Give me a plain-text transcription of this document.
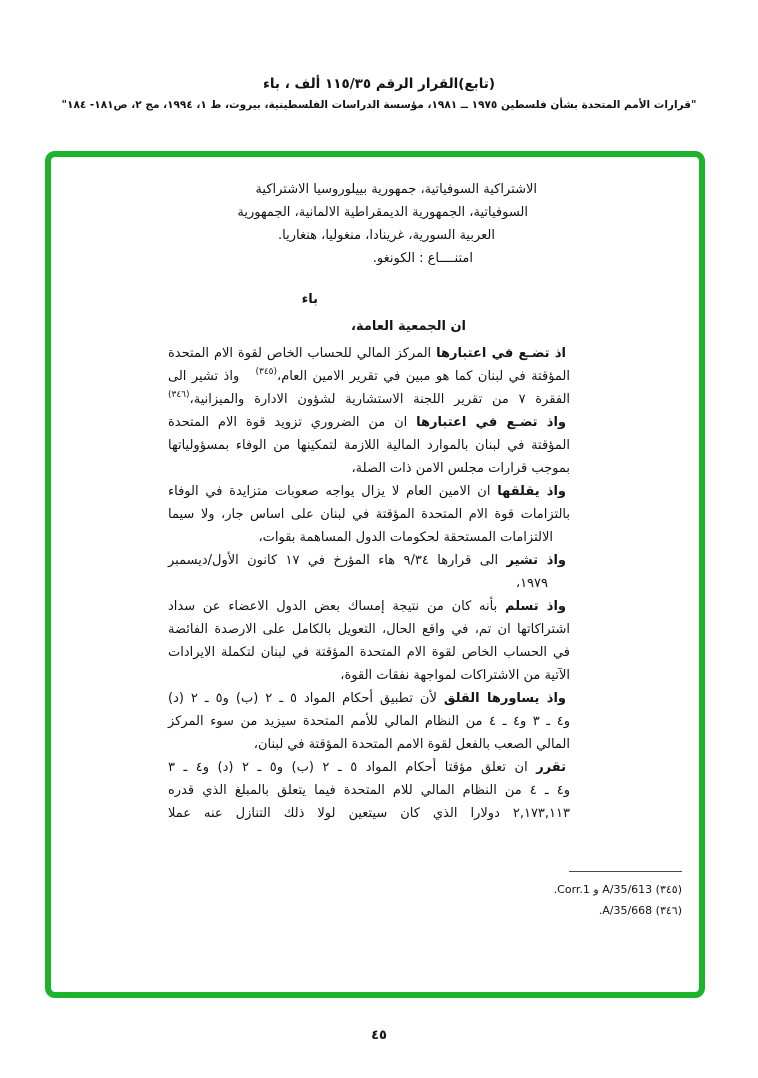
(تابع)القرار الرقم ١١٥/٣٥ ألف ، باء
"قرارات الأمم المتحدة بشأن فلسطين ١٩٧٥ ــ ١٩٨١، مؤسسة الدراسات الفلسطينية، بيروت، ط ١، ١٩٩٤، مج ٢، ص١٨١- ١٨٤"
الاشتراكية السوفياتية، جمهورية بييلوروسيا الاشتراكية
السوفياتية، الجمهورية الديمقراطية الالمانية، الجمهورية
العربية السورية، غرينادا، منغوليا، هنغاريا.
امتنــــاع : الكونغو.
باء
ان الجمعية العامة،
اذ تضـع في اعتبارها المركز المالي للحساب الخاص لقوة الام المتحدة
المؤقتة في لبنان كما هو مبين في تقرير الامين العام،$^{(٣٤٥)}$   واذ تشير الى
الفقرة ٧ من تقرير اللجنة الاستشارية لشؤون الادارة والميزانية،$^{(٣٤٦)}$
واذ تضـع في اعتبارها ان من الضروري تزويد قوة الام المتحدة
المؤقتة في لبنان بالموارد المالية اللازمة لتمكينها من الوفاء بمسؤولياتها
بموجب قرارات مجلس الامن ذات الصلة،
واذ يقلقها ان الامين العام لا يزال يواجه صعوبات متزايدة في الوفاء
بالتزامات قوة الام المتحدة المؤقتة في لبنان على اساس جار، ولا سيما
الالتزامات المستحقة لحكومات الدول المساهمة بقوات،
واذ تشير الى قرارها ٩/٣٤ هاء المؤرخ في ١٧ كانون الأول/ديسمبر
١٩٧٩،
واذ تسلم بأنه كان من نتيجة إمساك بعض الدول الاعضاء عن سداد
اشتراكاتها ان تم، في واقع الحال، التعويل بالكامل على الارصدة الفائضة
في الحساب الخاص لقوة الام المتحدة المؤقتة في لبنان لتكملة الايرادات
الآتية من الاشتراكات لمواجهة نفقات القوة،
واذ يساورها القلق لأن تطبيق أحكام المواد ٥ ـ ٢ (ب) و٥ ـ ٢ (د)
و٤ ـ ٣ و٤ ـ ٤ من النظام المالي للأمم المتحدة سيزيد من سوء المركز
المالي الصعب بالفعل لقوة الامم المتحدة المؤقتة في لبنان،
تقرر ان تعلق مؤقتا أحكام المواد ٥ ـ ٢ (ب) و٥ ـ ٢ (د) و٤ ـ ٣
و٤ ـ ٤ من النظام المالي للام المتحدة فيما يتعلق بالمبلغ الذي قدره
٢,١٧٣,١١٣ دولارا الذي كان سيتعين لولا ذلك التنازل عنه عملا
(٣٤٥) A/35/613 و Corr.1.
(٣٤٦) A/35/668.
٤٥
